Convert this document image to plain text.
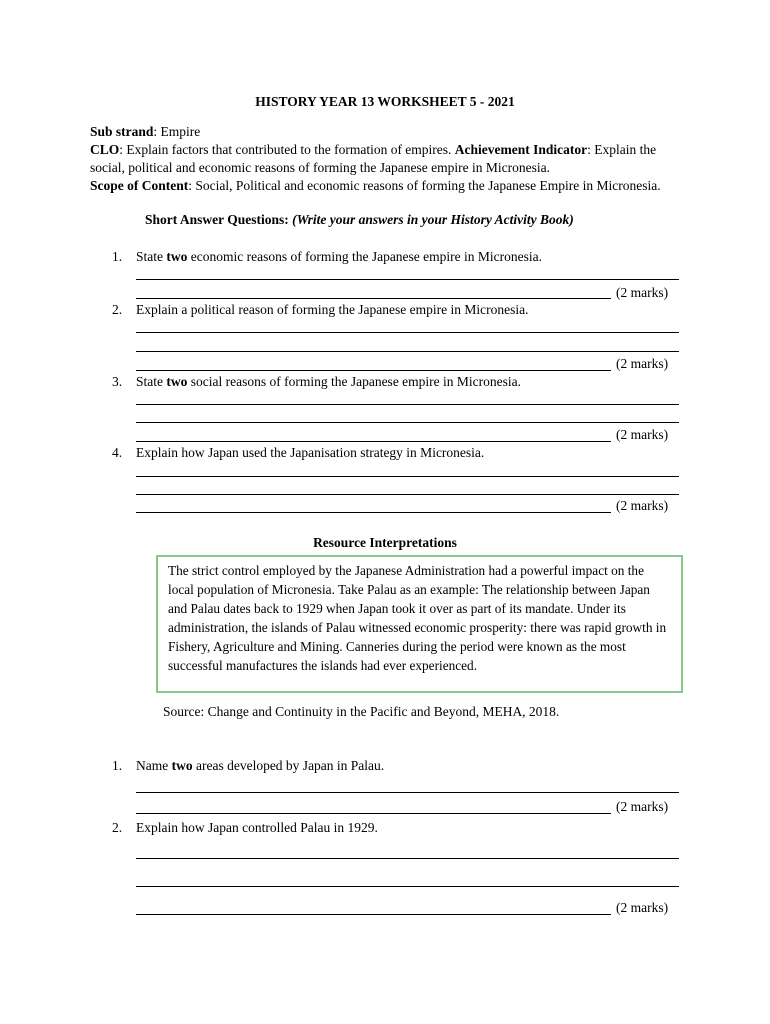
HISTORY YEAR 13 WORKSHEET 5 - 2021
Sub strand: Empire
CLO: Explain factors that contributed to the formation of empires. Achievement Indicator: Explain the social, political and economic reasons of forming the Japanese empire in Micronesia.
Scope of Content: Social, Political and economic reasons of forming the Japanese Empire in Micronesia.
Short Answer Questions: (Write your answers in your History Activity Book)
1. State two economic reasons of forming the Japanese empire in Micronesia.
(2 marks)
2. Explain a political reason of forming the Japanese empire in Micronesia.
(2 marks)
3. State two social reasons of forming the Japanese empire in Micronesia.
(2 marks)
4. Explain how Japan used the Japanisation strategy in Micronesia.
(2 marks)
Resource Interpretations
The strict control employed by the Japanese Administration had a powerful impact on the local population of Micronesia. Take Palau as an example: The relationship between Japan and Palau dates back to 1929 when Japan took it over as part of its mandate. Under its administration, the islands of Palau witnessed economic prosperity: there was rapid growth in Fishery, Agriculture and Mining. Canneries during the period were known as the most successful manufactures the islands had ever experienced.
Source: Change and Continuity in the Pacific and Beyond, MEHA, 2018.
1. Name two areas developed by Japan in Palau.
(2 marks)
2. Explain how Japan controlled Palau in 1929.
(2 marks)
